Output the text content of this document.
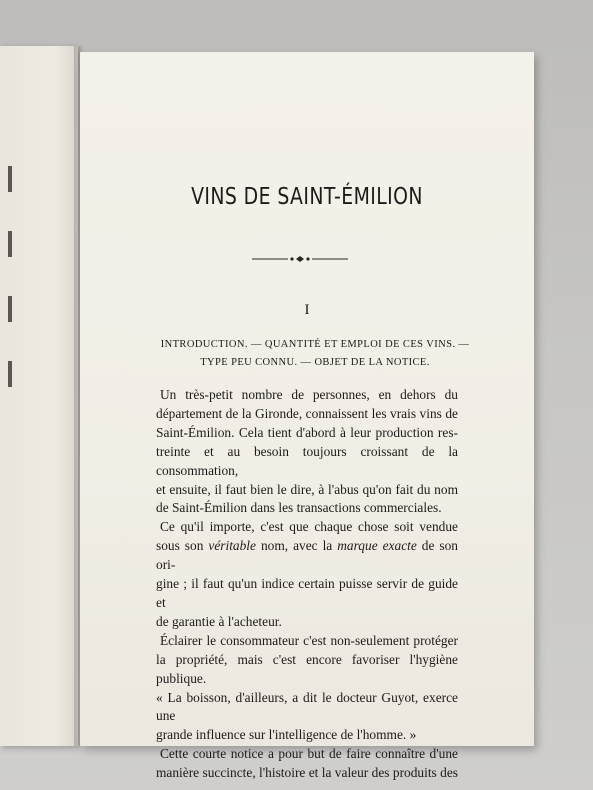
VINS DE SAINT-ÉMILION
I
INTRODUCTION. — QUANTITÉ ET EMPLOI DE CES VINS. —
TYPE PEU CONNU. — OBJET DE LA NOTICE.

Un très-petit nombre de personnes, en dehors du
département de la Gironde, connaissent les vrais vins de
Saint-Émilion. Cela tient d'abord à leur production res-
treinte et au besoin toujours croissant de la consommation,
et ensuite, il faut bien le dire, à l'abus qu'on fait du nom
de Saint-Émilion dans les transactions commerciales.

Ce qu'il importe, c'est que chaque chose soit vendue
sous son véritable nom, avec la marque exacte de son ori-
gine ; il faut qu'un indice certain puisse servir de guide et
de garantie à l'acheteur.

Éclairer le consommateur c'est non-seulement protéger
la propriété, mais c'est encore favoriser l'hygiène publique.
« La boisson, d'ailleurs, a dit le docteur Guyot, exerce une
grande influence sur l'intelligence de l'homme. »

Cette courte notice a pour but de faire connaître d'une
manière succincte, l'histoire et la valeur des produits des
